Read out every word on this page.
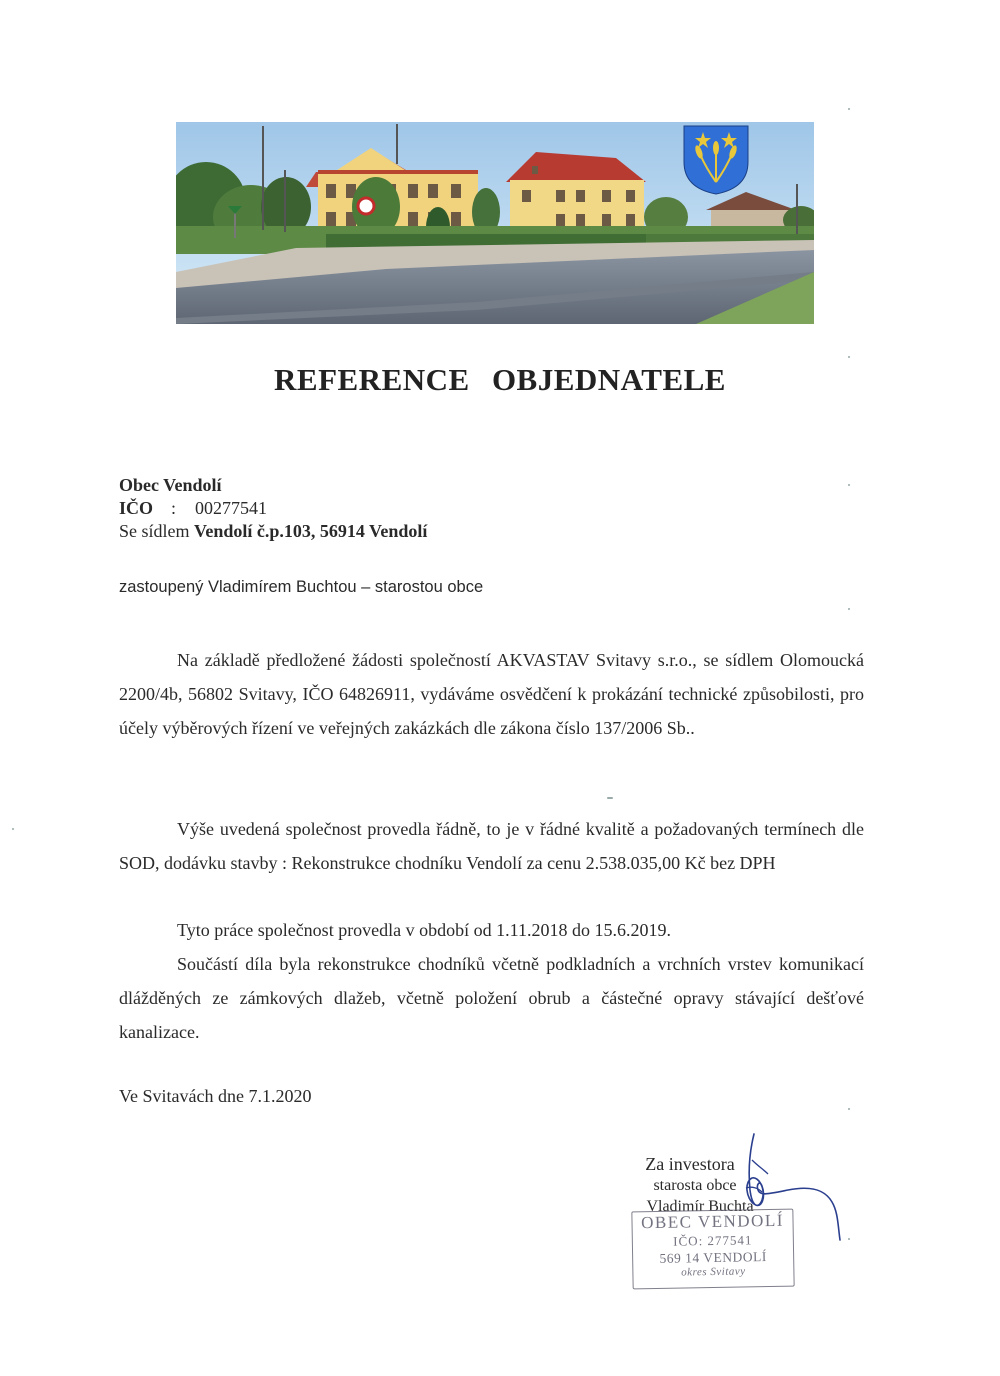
REFERENCE OBJEDNATELE
Obec Vendolí
IČO : 00277541
Se sídlem Vendolí č.p.103, 56914 Vendolí
zastoupený Vladimírem Buchtou – starostou obce
Na základě předložené žádosti společností AKVASTAV Svitavy s.r.o., se sídlem Olomoucká 2200/4b, 56802 Svitavy, IČO 64826911, vydáváme osvědčení k prokázání technické způsobilosti, pro účely výběrových řízení ve veřejných zakázkách dle zákona číslo 137/2006 Sb..
Výše uvedená společnost provedla řádně, to je v řádné kvalitě a požadovaných termínech dle SOD, dodávku stavby : Rekonstrukce chodníku Vendolí za cenu 2.538.035,00 Kč bez DPH
Tyto práce společnost provedla v období od 1.11.2018 do 15.6.2019.
Součástí díla byla rekonstrukce chodníků včetně podkladních a vrchních vrstev komunikací dlážděných ze zámkových dlažeb, včetně položení obrub a částečné opravy stávající dešťové kanalizace.
Ve Svitavách dne 7.1.2020
Za investora
starosta obce
Vladimír Buchta
OBEC VENDOLÍ
IČO: 277541
569 14 VENDOLÍ
okres Svitavy
